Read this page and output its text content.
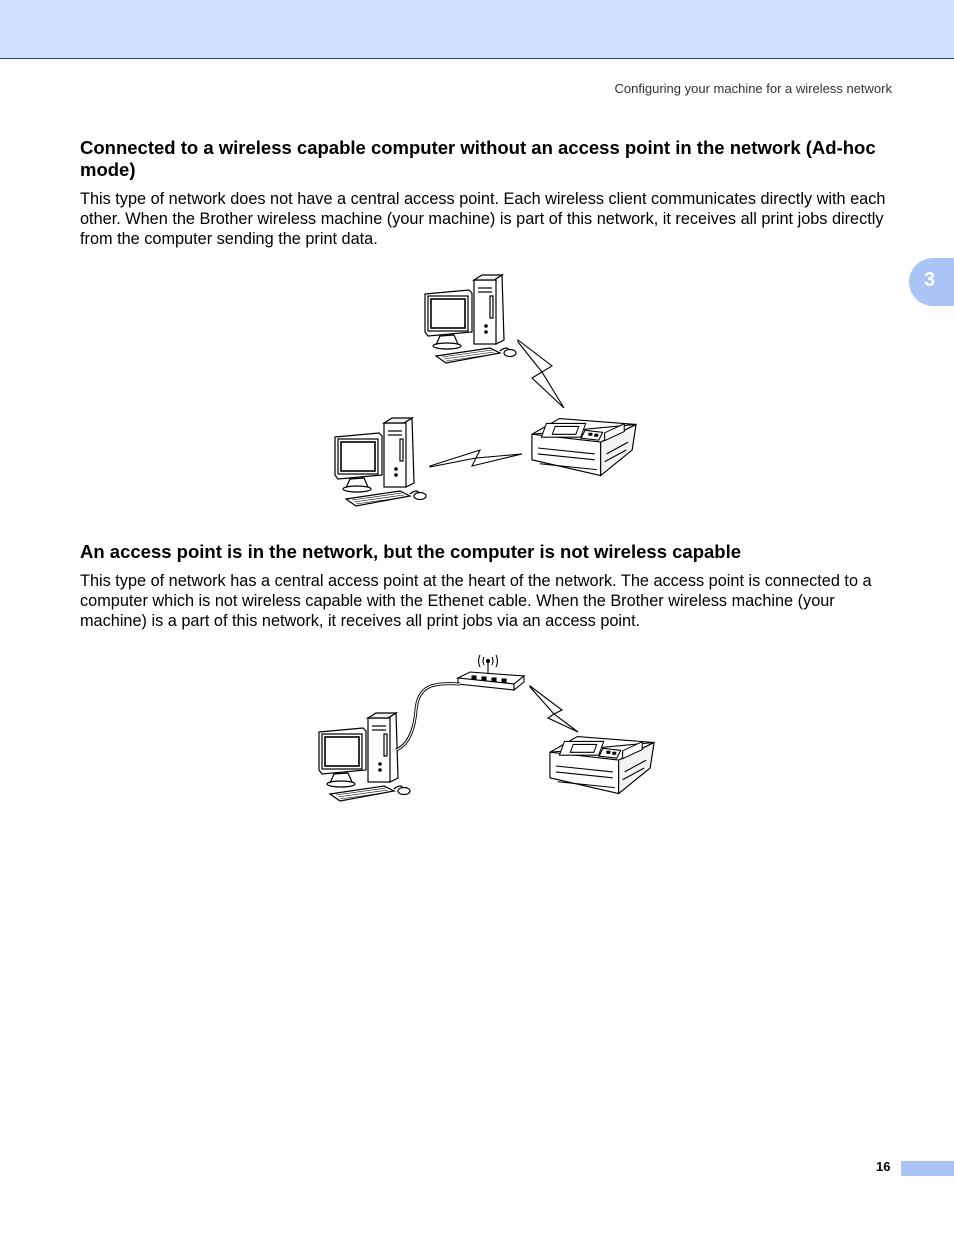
Configuring your machine for a wireless network
3
Connected to a wireless capable computer without an access point in the network (Ad-hoc mode)

This type of network does not have a central access point. Each wireless client communicates directly with each other. When the Brother wireless machine (your machine) is part of this network, it receives all print jobs directly from the computer sending the print data.

An access point is in the network, but the computer is not wireless capable

This type of network has a central access point at the heart of the network. The access point is connected to a computer which is not wireless capable with the Ethenet cable. When the Brother wireless machine (your machine) is a part of this network, it receives all print jobs via an access point.

16
